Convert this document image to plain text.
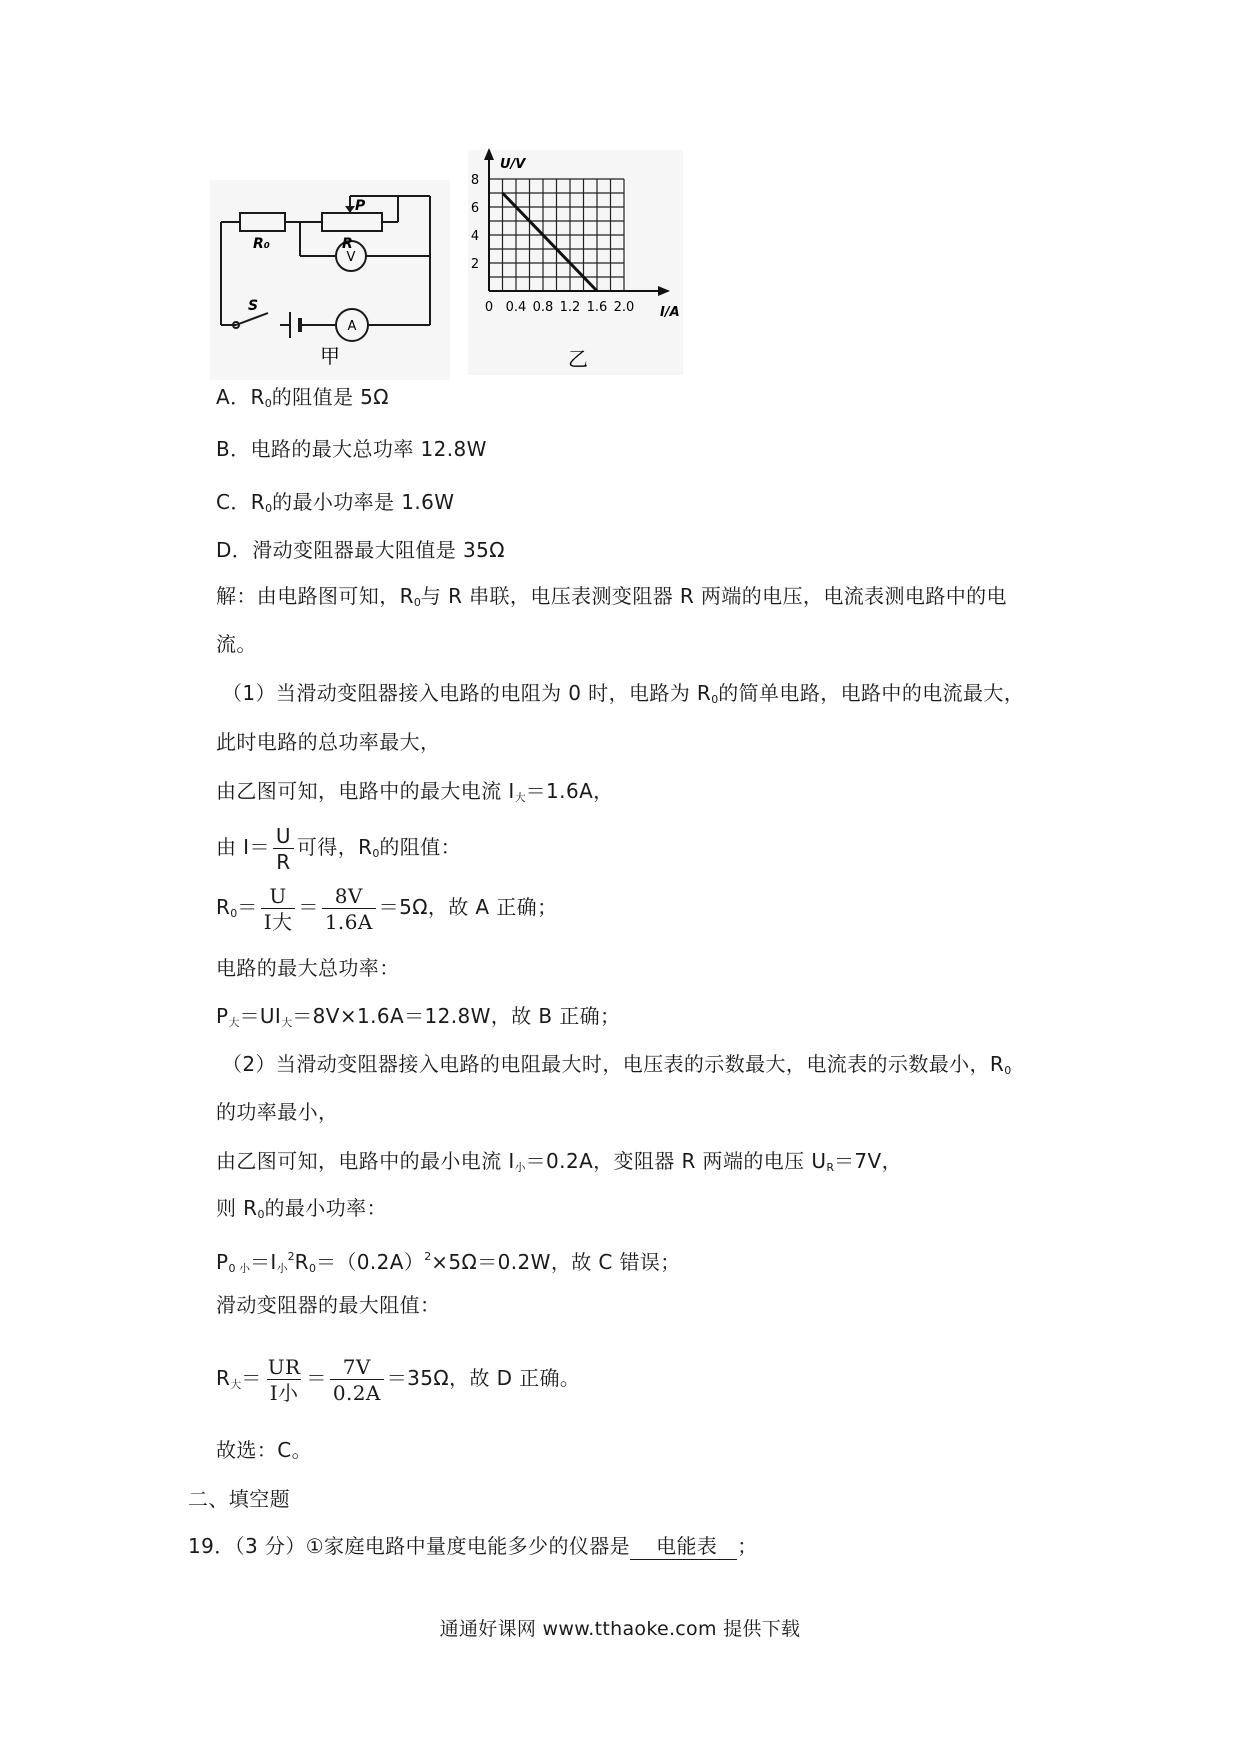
R₀	R
P
S
V
A
甲
2
4
6
8
0 0.4 0.8 1.2 1.6 2.0
U/V
I/A
乙
A．$R_0$的阻值是 5Ω
B．电路的最大总功率 12.8W
C．$R_0$的最小功率是 1.6W
D．滑动变阻器最大阻值是 35Ω
解：由电路图可知，$R_0$与 R 串联，电压表测变阻器 R 两端的电压，电流表测电路中的电
流。
（1）当滑动变阻器接入电路的电阻为 0 时，电路为 $R_0$的简单电路，电路中的电流最大，
此时电路的总功率最大，
由乙图可知，电路中的最大电流 $I_大=1.6A$，
由 $I= \frac{U}{R}$ 可得，$R_0$的阻值：
$R_0= \frac{U}{\text{I大}} = \frac{8V}{1.6A} =5\Omega$，故 A 正确；
电路的最大总功率：
$P_大=UI_大=8V\times 1.6A=12.8W$，故 B 正确；
（2）当滑动变阻器接入电路的电阻最大时，电压表的示数最大，电流表的示数最小，$R_0$
的功率最小，
由乙图可知，电路中的最小电流 $I_小=0.2A$，变阻器 R 两端的电压 $U_R=7V$，
则 $R_0$的最小功率：
$P_{0 小}=I_小^2R_0=(0.2A)^2\times 5\Omega=0.2W$，故 C 错误；
滑动变阻器的最大阻值：
$R_大= \frac{UR}{\text{I小}} = \frac{7V}{0.2A} =35\Omega$，故 D 正确。
故选：C。
二、填空题
19．（3 分）①家庭电路中量度电能多少的仪器是 电能表 ；
通通好课网 www.tthaoke.com 提供下载
